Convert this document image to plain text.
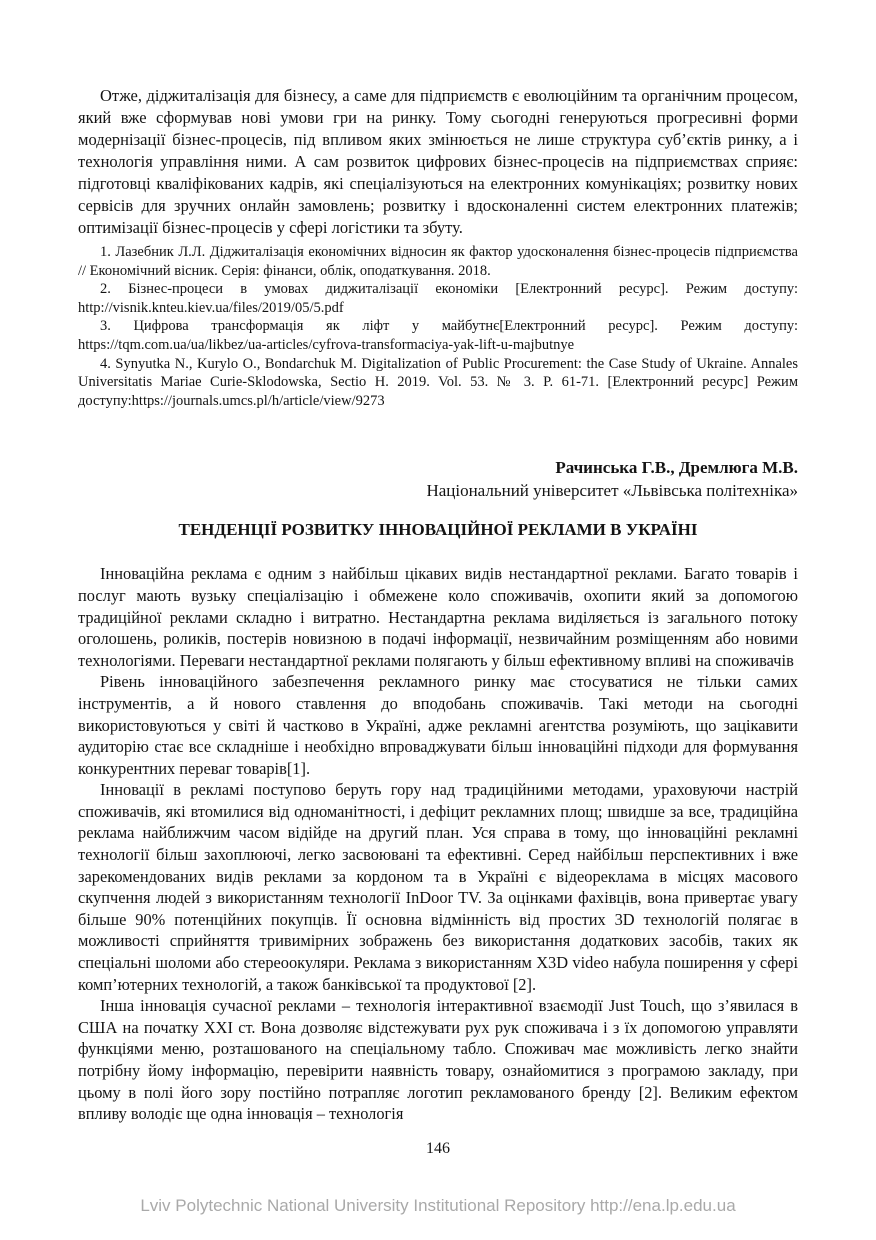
Отже, діджиталізація для бізнесу, а саме для підприємств є еволюційним та органічним процесом, який вже сформував нові умови гри на ринку. Тому сьогодні генеруються прогресивні форми модернізації бізнес-процесів, під впливом яких змінюється не лише структура суб’єктів ринку, а і технологія управління ними. А сам розвиток цифрових бізнес-процесів на підприємствах сприяє: підготовці кваліфікованих кадрів, які спеціалізуються на електронних комунікаціях; розвитку нових сервісів для зручних онлайн замовлень; розвитку і вдосконаленні систем електронних платежів; оптимізації бізнес-процесів у сфері логістики та збуту.

1. Лазебник Л.Л. Діджиталізація економічних відносин як фактор удосконалення бізнес-процесів підприємства // Економічний вісник. Серія: фінанси, облік, оподаткування. 2018.

2. Бізнес-процеси в умовах диджиталізації економіки [Електронний ресурс]. Режим доступу: http://visnik.knteu.kiev.ua/files/2019/05/5.pdf

3. Цифрова трансформація як ліфт у майбутнє[Електронний ресурс]. Режим доступу: https://tqm.com.ua/ua/likbez/ua-articles/cyfrova-transformaciya-yak-lift-u-majbutnye

4. Synyutka N., Kurylo O., Bondarchuk M. Digitalization of Public Procurement: the Case Study of Ukraine. Annales Universitatis Mariae Curie-Sklodowska, Sectio H. 2019. Vol. 53. № 3. P. 61-71. [Електронний ресурс] Режим доступу:https://journals.umcs.pl/h/article/view/9273

Рачинська Г.В., Дремлюга М.В.

Національний університет «Львівська політехніка»

ТЕНДЕНЦІЇ РОЗВИТКУ ІННОВАЦІЙНОЇ РЕКЛАМИ В УКРАЇНІ

Інноваційна реклама є одним з найбільш цікавих видів нестандартної реклами. Багато товарів і послуг мають вузьку спеціалізацію і обмежене коло споживачів, охопити який за допомогою традиційної реклами складно і витратно. Нестандартна реклама виділяється із загального потоку оголошень, роликів, постерів новизною в подачі інформації, незвичайним розміщенням або новими технологіями. Переваги нестандартної реклами полягають у більш ефективному впливі на споживачів

Рівень інноваційного забезпечення рекламного ринку має стосуватися не тільки самих інструментів, а й нового ставлення до вподобань споживачів. Такі методи на сьогодні використовуються у світі й частково в Україні, адже рекламні агентства розуміють, що зацікавити аудиторію стає все складніше і необхідно впроваджувати більш інноваційні підходи для формування конкурентних переваг товарів[1].

Інновації в рекламі поступово беруть гору над традиційними методами, ураховуючи настрій споживачів, які втомилися від одноманітності, і дефіцит рекламних площ; швидше за все, традиційна реклама найближчим часом відійде на другий план. Уся справа в тому, що інноваційні рекламні технології більш захоплюючі, легко засвоювані та ефективні. Серед найбільш перспективних і вже зарекомендованих видів реклами за кордоном та в Україні є відеореклама в місцях масового скупчення людей з використанням технології InDoor TV. За оцінками фахівців, вона привертає увагу більше 90% потенційних покупців. Її основна відмінність від простих 3D технологій полягає в можливості сприйняття тривимірних зображень без використання додаткових засобів, таких як спеціальні шоломи або стереоокуляри. Реклама з використанням X3D video набула поширення у сфері комп’ютерних технологій, а також банківської та продуктової [2].

Інша інновація сучасної реклами – технологія інтерактивної взаємодії Just Touch, що з’явилася в США на початку XXI ст. Вона дозволяє відстежувати рух рук споживача і з їх допомогою управляти функціями меню, розташованого на спеціальному табло. Споживач має можливість легко знайти потрібну йому інформацію, перевірити наявність товару, ознайомитися з програмою закладу, при цьому в полі його зору постійно потрапляє логотип рекламованого бренду [2]. Великим ефектом впливу володіє ще одна інновація – технологія

146
Lviv Polytechnic National University Institutional Repository http://ena.lp.edu.ua
